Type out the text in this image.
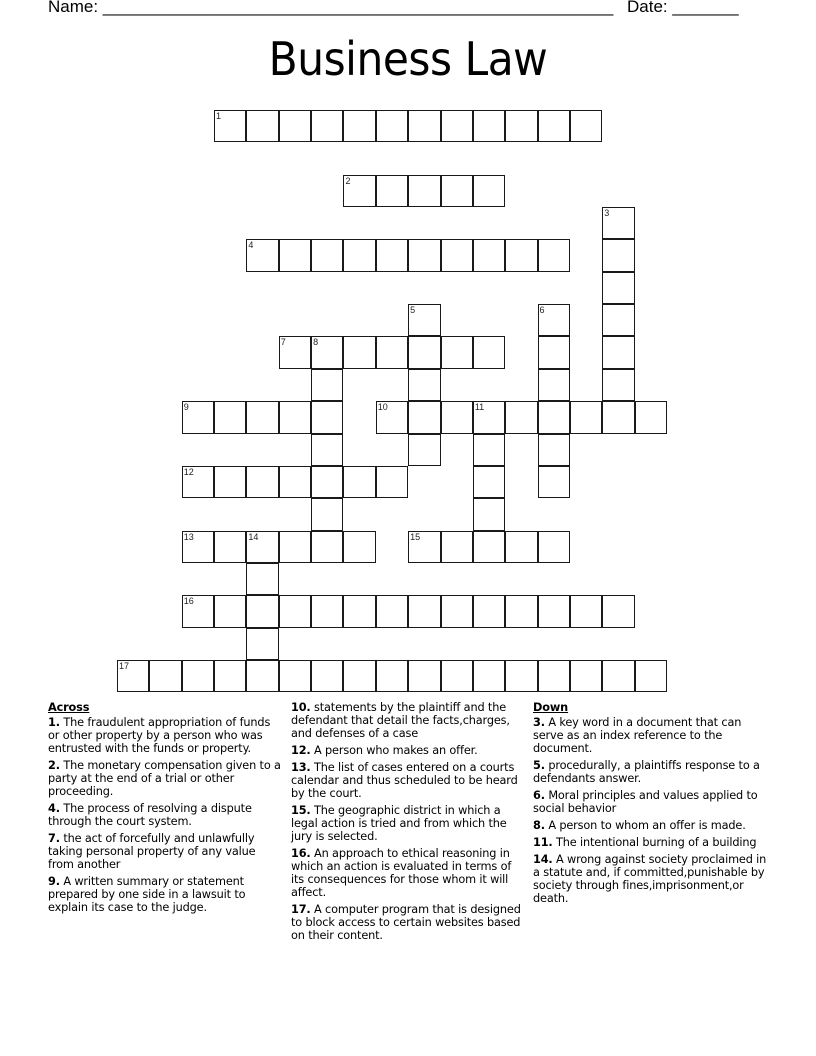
Name: ______________________________________________________

Date: _______

Business Law
1
2
3
4
5	6
7	8
9	10	11
12
13	14	15
16
17
Across
1. The fraudulent appropriation of funds or other property by a person who was entrusted with the funds or property.
2. The monetary compensation given to a party at the end of a trial or other proceeding.
4. The process of resolving a dispute through the court system.
7. the act of forcefully and unlawfully taking personal property of any value from another
9. A written summary or statement prepared by one side in a lawsuit to explain its case to the judge.
10. statements by the plaintiff and the defendant that detail the facts,charges, and defenses of a case
12. A person who makes an offer.
13. The list of cases entered on a courts calendar and thus scheduled to be heard by the court.
15. The geographic district in which a legal action is tried and from which the jury is selected.
16. An approach to ethical reasoning in which an action is evaluated in terms of its consequences for those whom it will affect.
17. A computer program that is designed to block access to certain websites based on their content.
Down
3. A key word in a document that can serve as an index reference to the document.
5. procedurally, a plaintiffs response to a defendants answer.
6. Moral principles and values applied to social behavior
8. A person to whom an offer is made.
11. The intentional burning of a building
14. A wrong against society proclaimed in a statute and, if committed,punishable by society through fines,imprisonment,or death.
